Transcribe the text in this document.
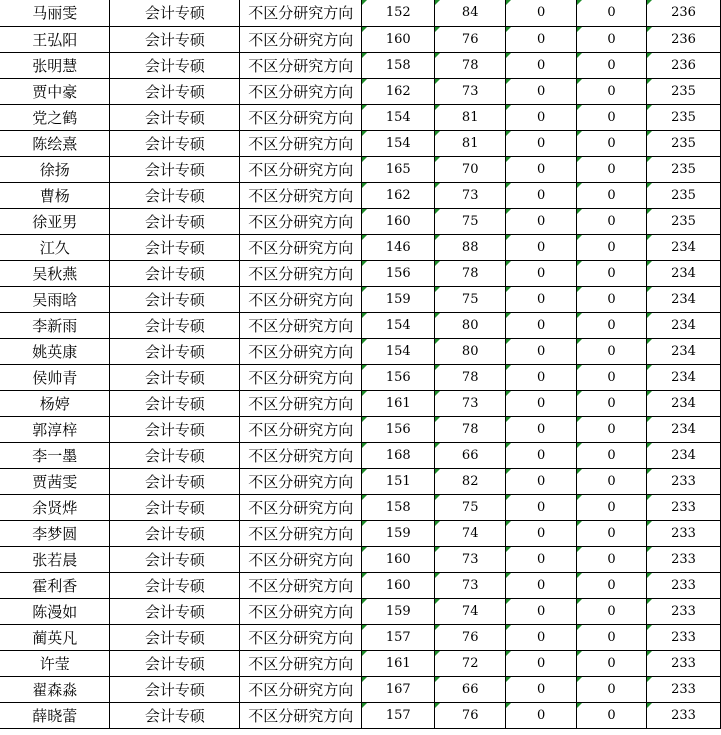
马丽雯	会计专硕	不区分研究方向	152	84	0	0	236
王弘阳	会计专硕	不区分研究方向	160	76	0	0	236
张明慧	会计专硕	不区分研究方向	158	78	0	0	236
贾中豪	会计专硕	不区分研究方向	162	73	0	0	235
党之鹤	会计专硕	不区分研究方向	154	81	0	0	235
陈绘熹	会计专硕	不区分研究方向	154	81	0	0	235
徐扬	会计专硕	不区分研究方向	165	70	0	0	235
曹杨	会计专硕	不区分研究方向	162	73	0	0	235
徐亚男	会计专硕	不区分研究方向	160	75	0	0	235
江久	会计专硕	不区分研究方向	146	88	0	0	234
吴秋燕	会计专硕	不区分研究方向	156	78	0	0	234
吴雨晗	会计专硕	不区分研究方向	159	75	0	0	234
李新雨	会计专硕	不区分研究方向	154	80	0	0	234
姚英康	会计专硕	不区分研究方向	154	80	0	0	234
侯帅青	会计专硕	不区分研究方向	156	78	0	0	234
杨婷	会计专硕	不区分研究方向	161	73	0	0	234
郭淳梓	会计专硕	不区分研究方向	156	78	0	0	234
李一墨	会计专硕	不区分研究方向	168	66	0	0	234
贾茜雯	会计专硕	不区分研究方向	151	82	0	0	233
余贤烨	会计专硕	不区分研究方向	158	75	0	0	233
李梦圆	会计专硕	不区分研究方向	159	74	0	0	233
张若晨	会计专硕	不区分研究方向	160	73	0	0	233
霍利香	会计专硕	不区分研究方向	160	73	0	0	233
陈漫如	会计专硕	不区分研究方向	159	74	0	0	233
蔺英凡	会计专硕	不区分研究方向	157	76	0	0	233
许莹	会计专硕	不区分研究方向	161	72	0	0	233
翟森淼	会计专硕	不区分研究方向	167	66	0	0	233
薛晓蕾	会计专硕	不区分研究方向	157	76	0	0	233
